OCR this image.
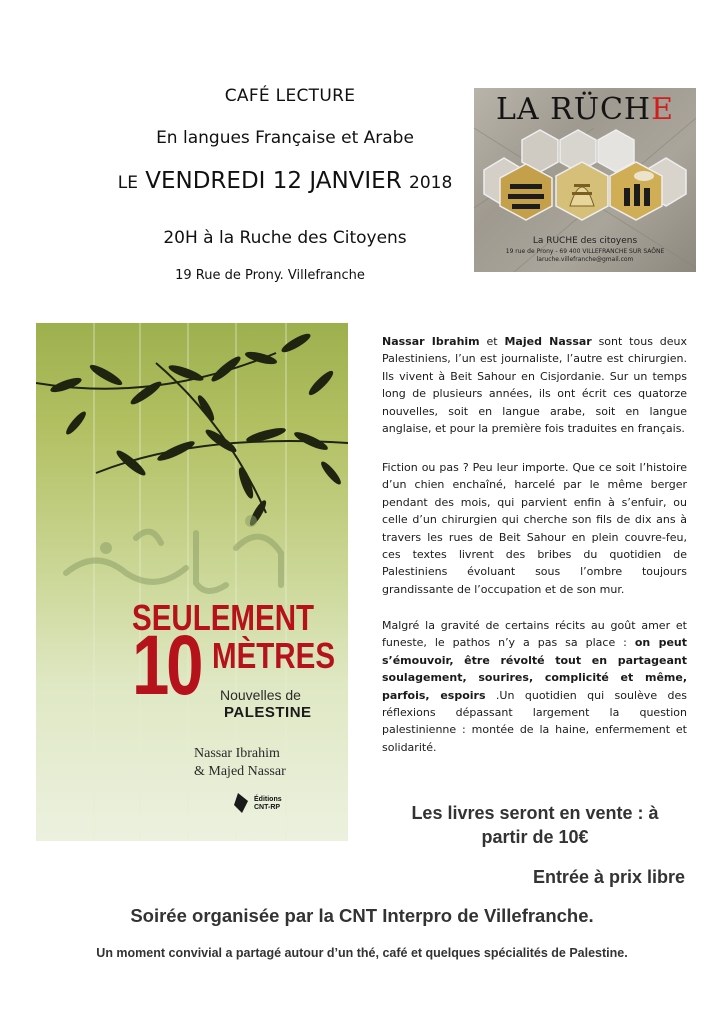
CAFÉ LECTURE
En langues Française et Arabe
LE VENDREDI 12 JANVIER 2018
20H à la Ruche des Citoyens
19 Rue de Prony. Villefranche
LA RÜCHE
La RUCHE des citoyens
19 rue de Prony - 69 400 VILLEFRANCHE SUR SAÔNE
laruche.villefranche@gmail.com
SEULEMENT
10 MÈTRES
Nouvelles de
PALESTINE
Nassar Ibrahim
& Majed Nassar
Éditions
CNT-RP
Nassar Ibrahim et Majed Nassar sont tous deux Palestiniens, l’un est journaliste, l’autre est chirurgien. Ils vivent à Beit Sahour en Cisjordanie. Sur un temps long de plusieurs années, ils ont écrit ces quatorze nouvelles, soit en langue arabe, soit en langue anglaise, et pour la première fois traduites en français.
Fiction ou pas ? Peu leur importe. Que ce soit l’histoire d’un chien enchaîné, harcelé par le même berger pendant des mois, qui parvient enfin à s’enfuir, ou celle d’un chirurgien qui cherche son fils de dix ans à travers les rues de Beit Sahour en plein couvre-feu, ces textes livrent des bribes du quotidien de Palestiniens évoluant sous l’ombre toujours grandissante de l’occupation et de son mur.
Malgré la gravité de certains récits au goût amer et funeste, le pathos n’y a pas sa place : on peut s’émouvoir, être révolté tout en partageant soulagement, sourires, complicité et même, parfois, espoirs .Un quotidien qui soulève des réflexions dépassant largement la question palestinienne : montée de la haine, enfermement et solidarité.
Les livres seront en vente : à
partir de 10€
Entrée à prix libre
Soirée organisée par la CNT Interpro de Villefranche.
Un moment convivial a partagé autour d’un thé, café et quelques spécialités de Palestine.
